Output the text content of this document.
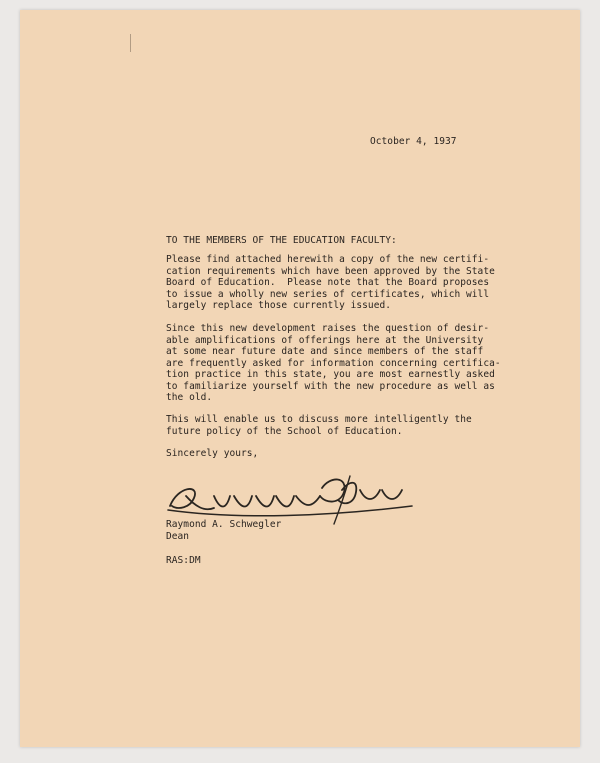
October 4, 1937
TO THE MEMBERS OF THE EDUCATION FACULTY:
Please find attached herewith a copy of the new certifi-
cation requirements which have been approved by the State
Board of Education.  Please note that the Board proposes
to issue a wholly new series of certificates, which will
largely replace those currently issued.
Since this new development raises the question of desir-
able amplifications of offerings here at the University
at some near future date and since members of the staff
are frequently asked for information concerning certifica-
tion practice in this state, you are most earnestly asked
to familiarize yourself with the new procedure as well as
the old.
This will enable us to discuss more intelligently the
future policy of the School of Education.
Sincerely yours,
Raymond A. Schwegler
Dean
RAS:DM
